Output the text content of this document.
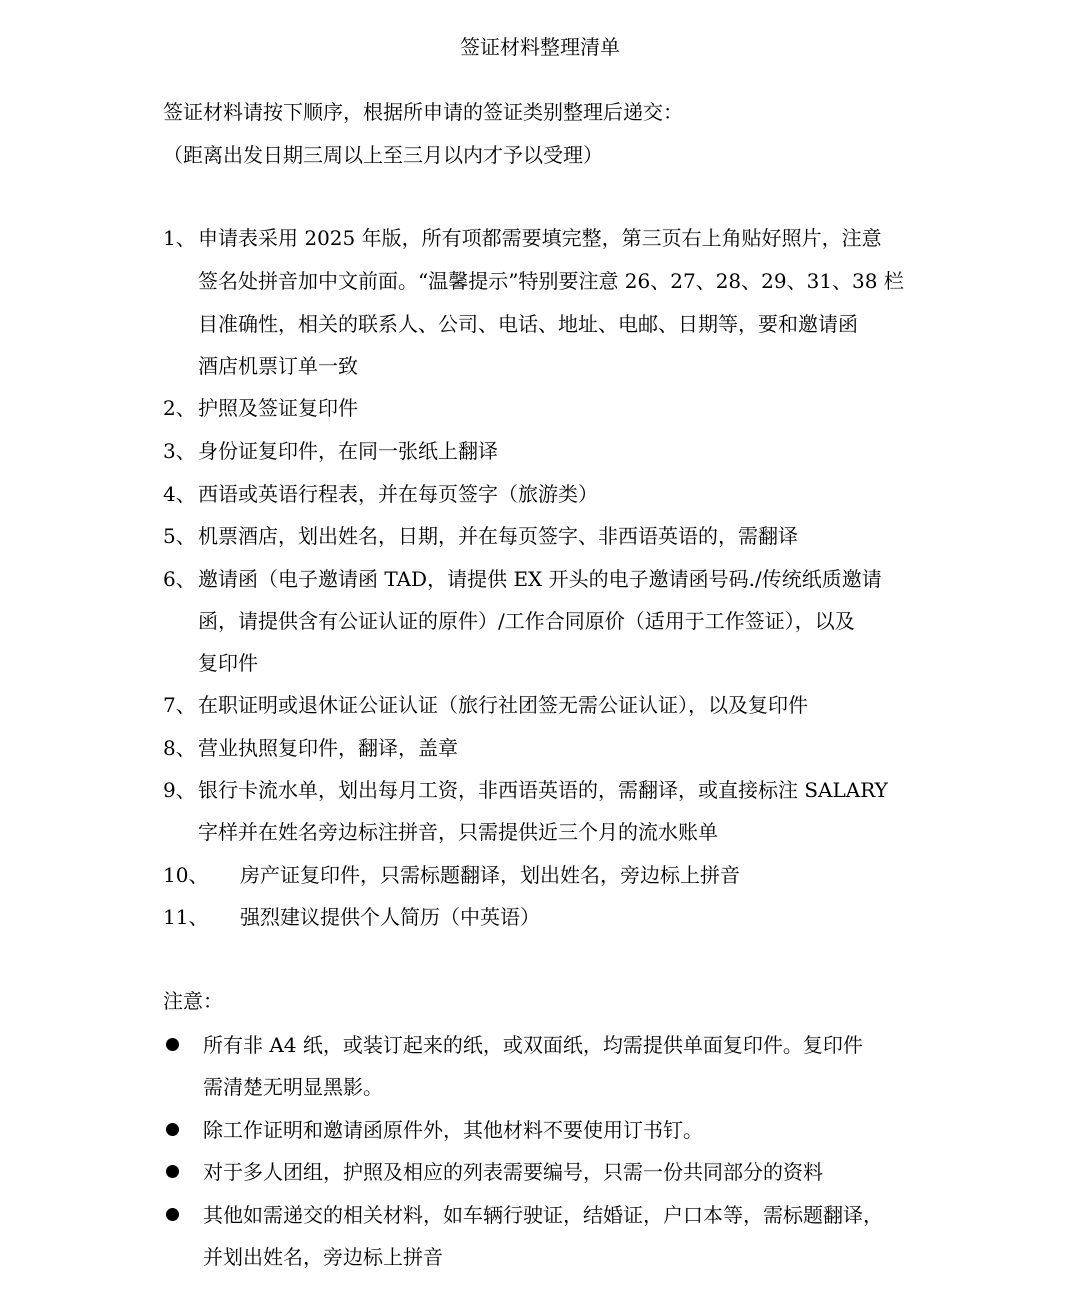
签证材料整理清单
签证材料请按下顺序，根据所申请的签证类别整理后递交：
（距离出发日期三周以上至三月以内才予以受理）
1、 申请表采用 2025 年版，所有项都需要填完整，第三页右上角贴好照片，注意
签名处拼音加中文前面。“温馨提示”特别要注意 26、27、28、29、31、38 栏
目准确性，相关的联系人、公司、电话、地址、电邮、日期等，要和邀请函
酒店机票订单一致
2、 护照及签证复印件
3、 身份证复印件，在同一张纸上翻译
4、 西语或英语行程表，并在每页签字（旅游类）
5、 机票酒店，划出姓名，日期，并在每页签字、非西语英语的，需翻译
6、 邀请函（电子邀请函 TAD，请提供 EX 开头的电子邀请函号码./传统纸质邀请
函，请提供含有公证认证的原件）/工作合同原价（适用于工作签证），以及
复印件
7、 在职证明或退休证公证认证（旅行社团签无需公证认证），以及复印件
8、 营业执照复印件，翻译，盖章
9、 银行卡流水单，划出每月工资，非西语英语的，需翻译，或直接标注 SALARY
字样并在姓名旁边标注拼音，只需提供近三个月的流水账单
10、 房产证复印件，只需标题翻译，划出姓名，旁边标上拼音
11、 强烈建议提供个人简历（中英语）
注意：
所有非 A4 纸，或装订起来的纸，或双面纸，均需提供单面复印件。复印件
需清楚无明显黑影。
除工作证明和邀请函原件外，其他材料不要使用订书钉。
对于多人团组，护照及相应的列表需要编号，只需一份共同部分的资料
其他如需递交的相关材料，如车辆行驶证，结婚证，户口本等，需标题翻译，
并划出姓名，旁边标上拼音
